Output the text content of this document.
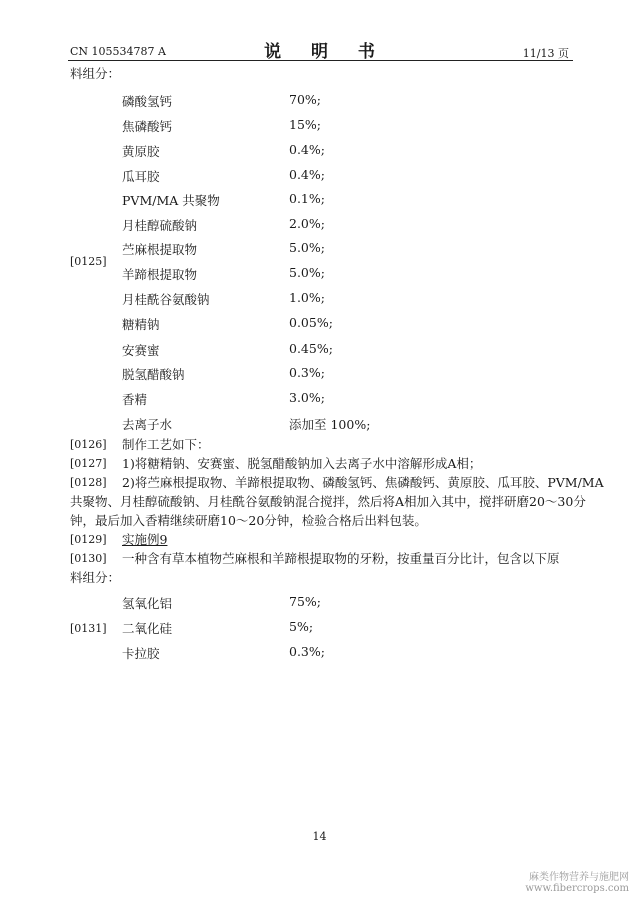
CN 105534787 A	说 明 书	11/13 页
料组分：
[0125]
磷酸氢钙	70%;
焦磷酸钙	15%;
黄原胶	0.4%;
瓜耳胶	0.4%;
PVM/MA 共聚物	0.1%;
月桂醇硫酸钠	2.0%;
苎麻根提取物	5.0%;
羊蹄根提取物	5.0%;
月桂酰谷氨酸钠	1.0%;
糖精钠	0.05%;
安赛蜜	0.45%;
脱氢醋酸钠	0.3%;
香精	3.0%;
去离子水	添加至 100%;
[0126] 制作工艺如下：
[0127] 1)将糖精钠、安赛蜜、脱氢醋酸钠加入去离子水中溶解形成A相；
[0128] 2)将苎麻根提取物、羊蹄根提取物、磷酸氢钙、焦磷酸钙、黄原胶、瓜耳胶、PVM/MA
共聚物、月桂醇硫酸钠、月桂酰谷氨酸钠混合搅拌，然后将A相加入其中，搅拌研磨20～30分
钟，最后加入香精继续研磨10～20分钟，检验合格后出料包装。
[0129] 实施例9
[0130] 一种含有草本植物苎麻根和羊蹄根提取物的牙粉，按重量百分比计，包含以下原
料组分：
[0131]
氢氧化铝	75%;
二氧化硅	5%;
卡拉胶	0.3%;
14
麻类作物营养与施肥网
www.fibercrops.com
